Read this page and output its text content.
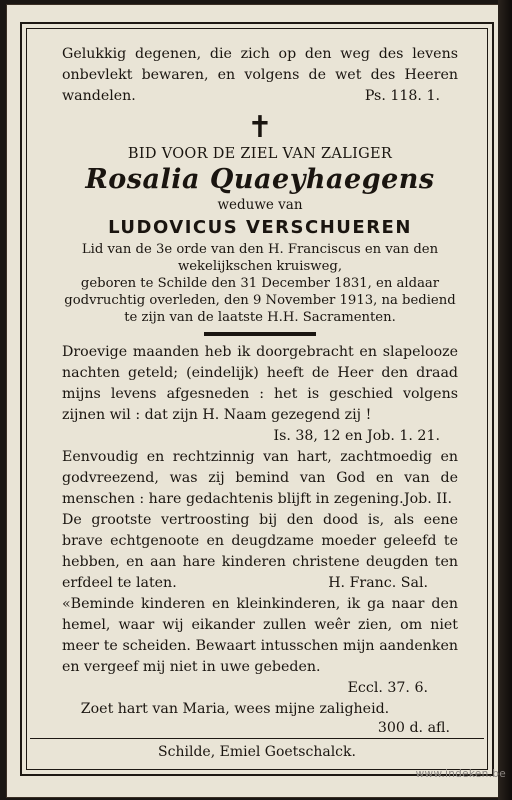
Gelukkig degenen, die zich op den weg des levens onbevlekt bewaren, en volgens de wet des Heeren wandelen.	Ps. 118. 1.
✝
BID VOOR DE ZIEL VAN ZALIGER
Rosalia Quaeyhaegens
weduwe van
LUDOVICUS VERSCHUEREN
Lid van de 3e orde van den H. Franciscus en van den wekelijkschen kruisweg,
geboren te Schilde den 31 December 1831, en aldaar godvruchtig overleden, den 9 November 1913, na bediend te zijn van de laatste H.H. Sacramenten.
Droevige maanden heb ik doorgebracht en slapelooze nachten geteld; (eindelijk) heeft de Heer den draad mijns levens afgesneden : het is geschied volgens zijnen wil : dat zijn H. Naam gezegend zij !
Is. 38, 12 en Job. 1. 21.
Eenvoudig en rechtzinnig van hart, zachtmoedig en godvreezend, was zij bemind van God en van de menschen : hare gedachtenis blijft in zegening. Job. II.
De grootste vertroosting bij den dood is, als eene brave echtgenoote en deugdzame moeder geleefd te hebben, en aan hare kinderen christene deugden ten erfdeel te laten.	H. Franc. Sal.
«Beminde kinderen en kleinkinderen, ik ga naar den hemel, waar wij eikander zullen weêr zien, om niet meer te scheiden. Bewaart intusschen mijn aandenken en vergeef mij niet in uwe gebeden.
Eccl. 37. 6.
Zoet hart van Maria, wees mijne zaligheid.
300 d. afl.
Schilde, Emiel Goetschalck.
www.indeken.be
